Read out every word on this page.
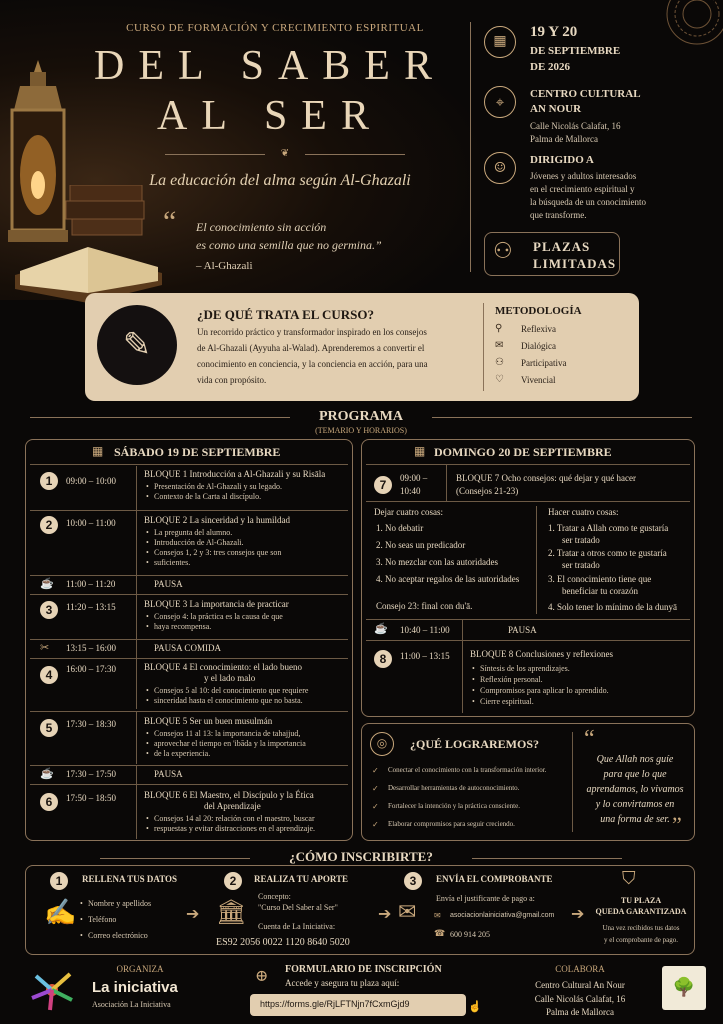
CURSO DE FORMACIÓN Y CRECIMIENTO ESPIRITUAL
DEL SABER
AL SER
❦
La educación del alma según Al-Ghazali
“ El conocimiento sin acción
es como una semilla que no germina.”
– Al-Ghazali
▦
19 Y 20
DE SEPTIEMBRE
DE 2026
⌖	CENTRO CULTURAL
AN NOUR
Calle Nicolás Calafat, 16
Palma de Mallorca
☺	DIRIGIDO A
Jóvenes y adultos interesados
en el crecimiento espiritual y
la búsqueda de un conocimiento
que transforme.
⚇ PLAZAS
LIMITADAS
✎
¿DE QUÉ TRATA EL CURSO?
Un recorrido práctico y transformador inspirado en los consejos
de Al-Ghazali (Ayyuha al-Walad). Aprenderemos a convertir el
conocimiento en conciencia, y la conciencia en acción, para una
vida con propósito.
METODOLOGÍA
⚲ Reflexiva
✉ Dialógica
⚇ Participativa
♡ Vivencial
PROGRAMA
(TEMARIO Y HORARIOS)
▦ SÁBADO 19 DE SEPTIEMBRE
1	09:00 – 10:00
BLOQUE 1 Introducción a Al-Ghazali y su Risāla
• Presentación de Al-Ghazali y su legado.
• Contexto de la Carta al discípulo.
2	10:00 – 11:00	BLOQUE 2 La sinceridad y la humildad
• La pregunta del alumno.
• Introducción de Al-Ghazali.
• Consejos 1, 2 y 3: tres consejos que son
• suficientes.
☕ 11:00 – 11:20	PAUSA
3	11:20 – 13:15	BLOQUE 3 La importancia de practicar
• Consejo 4: la práctica es la causa de que
• haya recompensa.
✂ 13:15 – 16:00	PAUSA COMIDA
4	16:00 – 17:30	BLOQUE 4 El conocimiento: el lado bueno
y el lado malo
• Consejos 5 al 10: del conocimiento que requiere
• sinceridad hasta el conocimiento que no basta.
5	17:30 – 18:30	BLOQUE 5 Ser un buen musulmán
• Consejos 11 al 13: la importancia de tahajjud,
• aprovechar el tiempo en 'ibāda y la importancia
• de la experiencia.
☕ 17:30 – 17:50	PAUSA
6	17:50 – 18:50	BLOQUE 6 El Maestro, el Discípulo y la Ética
del Aprendizaje
• Consejos 14 al 20: relación con el maestro, buscar
• respuestas y evitar distracciones en el aprendizaje.
▦ DOMINGO 20 DE SEPTIEMBRE
7	09:00 –
10:40
BLOQUE 7 Ocho consejos: qué dejar y qué hacer
(Consejos 21-23)
Dejar cuatro cosas:
1. No debatir
2. No seas un predicador
3. No mezclar con las autoridades
4. No aceptar regalos de las autoridades
Consejo 23: final con du'ā.
Hacer cuatro cosas:
1. Tratar a Allah como te gustaría
ser tratado
2. Tratar a otros como te gustaría
ser tratado
3. El conocimiento tiene que
beneficiar tu corazón
4. Solo tener lo mínimo de la dunyā
☕ 10:40 – 11:00	PAUSA
8	11:00 – 13:15 BLOQUE 8 Conclusiones y reflexiones
• Síntesis de los aprendizajes.
• Reflexión personal.
• Compromisos para aplicar lo aprendido.
• Cierre espiritual.
◎	¿QUÉ LOGRAREMOS?
✓ Conectar el conocimiento con la transformación interior.
✓ Desarrollar herramientas de autoconocimiento.
✓ Fortalecer la intención y la práctica consciente.
✓ Elaborar compromisos para seguir creciendo.
“
Que Allah nos guíe
para que lo que
aprendamos, lo vivamos
y lo convirtamos en
una forma de ser. ”
¿CÓMO INSCRIBIRTE?
1	RELLENA TUS DATOS
✍
•	Nombre y apellidos
• Teléfono
• Correo electrónico
➔
2	REALIZA TU APORTE
🏛
Concepto:
"Curso Del Saber al Ser"
Cuenta de La Iniciativa:
ES92 2056 0022 1120 8640 5020
➔
3	ENVÍA EL COMPROBANTE
✉
Envía el justificante de pago a:
✉ asociacionlainiciativa@gmail.com
☎ 600 914 205
➔
⛉
TU PLAZA
QUEDA GARANTIZADA
Una vez recibidos tus datos
y el comprobante de pago.
ORGANIZA
La iniciativa
Asociación La Iniciativa
⊕ FORMULARIO DE INSCRIPCIÓN
Accede y asegura tu plaza aquí:
https://forms.gle/RjLFTNjn7fCxmGjd9	☝
COLABORA
Centro Cultural An Nour
Calle Nicolás Calafat, 16
Palma de Mallorca
🌳
